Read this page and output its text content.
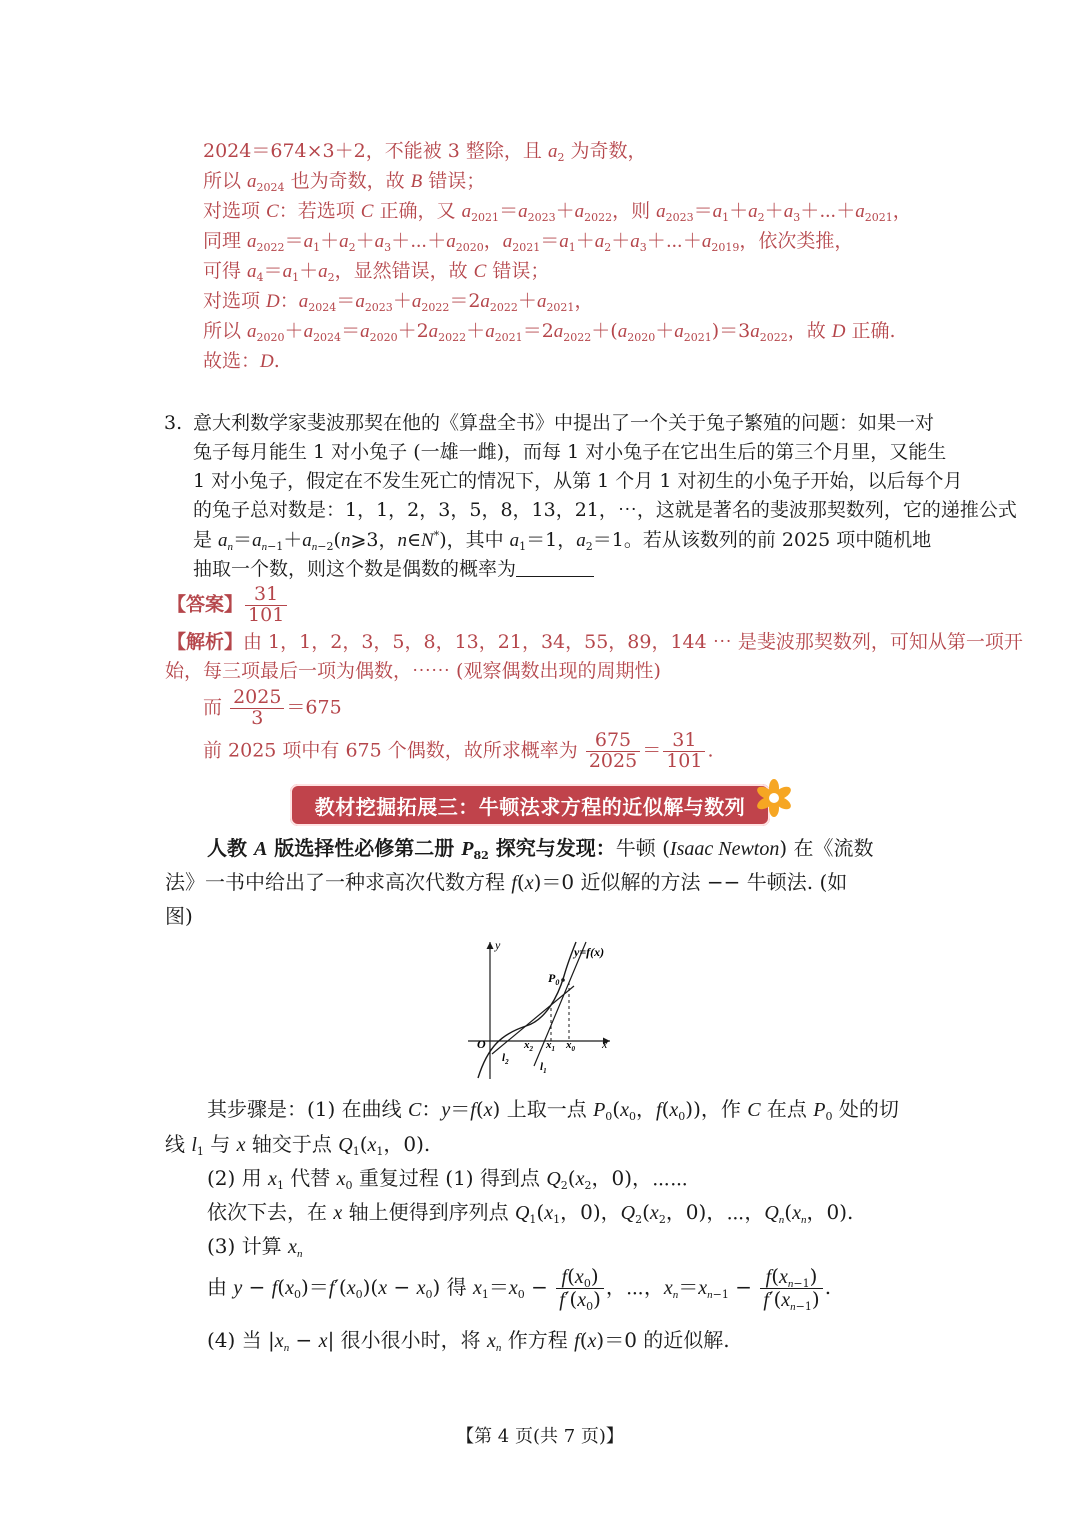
2024＝674×3＋2，不能被 3 整除，且 $a_2$ 为奇数，
所以 $a_{2024}$ 也为奇数，故 B 错误；
对选项 C：若选项 C 正确，又 $a_{2021}=a_{2023}+a_{2022}$，则 $a_{2023}=a_1+a_2+a_3+\cdots+a_{2021}$，
同理 $a_{2022}=a_1+a_2+a_3+\cdots+a_{2020}$，$a_{2021}=a_1+a_2+a_3+\cdots+a_{2019}$，依次类推，
可得 $a_4=a_1+a_2$，显然错误，故 C 错误；
对选项 D：$a_{2024}=a_{2023}+a_{2022}=2a_{2022}+a_{2021}$，
所以 $a_{2020}+a_{2024}=a_{2020}+2a_{2022}+a_{2021}=2a_{2022}+(a_{2020}+a_{2021})=3a_{2022}$，故 D 正确.
故选：D.
3. 意大利数学家斐波那契在他的《算盘全书》中提出了一个关于兔子繁殖的问题：如果一对
兔子每月能生 1 对小兔子 (一雄一雌)，而每 1 对小兔子在它出生后的第三个月里，又能生
1 对小兔子，假定在不发生死亡的情况下，从第 1 个月 1 对初生的小兔子开始，以后每个月
的兔子总对数是：1，1，2，3，5，8，13，21，⋯，这就是著名的斐波那契数列，它的递推公式
是 $a_n=a_{n-1}+a_{n-2}(n⩾3$，n∈N*)，其中 $a_1=1$，$a_2=1$。若从该数列的前 2025 项中随机地
抽取一个数，则这个数是偶数的概率为
【答案】 $\frac{31}{101}$
【解析】由 1，1，2，3，5，8，13，21，34，55，89，144 ⋯ 是斐波那契数列，可知从第一项开
始，每三项最后一项为偶数，⋯⋯ (观察偶数出现的周期性)
而 $\frac{2025}{3} =675$
前 2025 项中有 675 个偶数，故所求概率为 $\frac{675}{2025} = \frac{31}{101}$ .
教材挖掘拓展三：牛顿法求方程的近似解与数列
人教 A 版选择性必修第二册 $P_{82}$ 探究与发现：牛顿 (Isaac Newton) 在《流数
法》一书中给出了一种求高次代数方程 f(x)＝0 近似解的方法 −− 牛顿法. (如
图)
y	y=f(x)
$P_0$
O	x
$x_2$ $x_1$ $x_0$
$l_2$	$l_1$
其步骤是：(1) 在曲线 C：y＝f(x) 上取一点 $P_0(x_0$，$f(x_0)$)，作 C 在点 $P_0$ 处的切
线 $l_1$ 与 x 轴交于点 $Q_1(x_1$，0).
(2) 用 $x_1$ 代替 $x_0$ 重复过程 (1) 得到点 $Q_2(x_2$，0)，⋯⋯
依次下去，在 x 轴上便得到序列点 $Q_1(x_1$，0)，$Q_2(x_2$，0)，⋯，$Q_n(x_n$，0).
(3) 计算 $x_n$
由 $y - f(x_0)=f'(x_0)(x - x_0)$ 得 $x_1=x_0 - \frac{f(x_0)}{f'(x_0)}$ ，⋯，$x_n=x_{n-1} - \frac{f(x_{n-1})}{f'(x_{n-1})}$ .
(4) 当 $|x_n - x|$ 很小很小时，将 $x_n$ 作方程 f(x)＝0 的近似解.
【第 4 页(共 7 页)】
